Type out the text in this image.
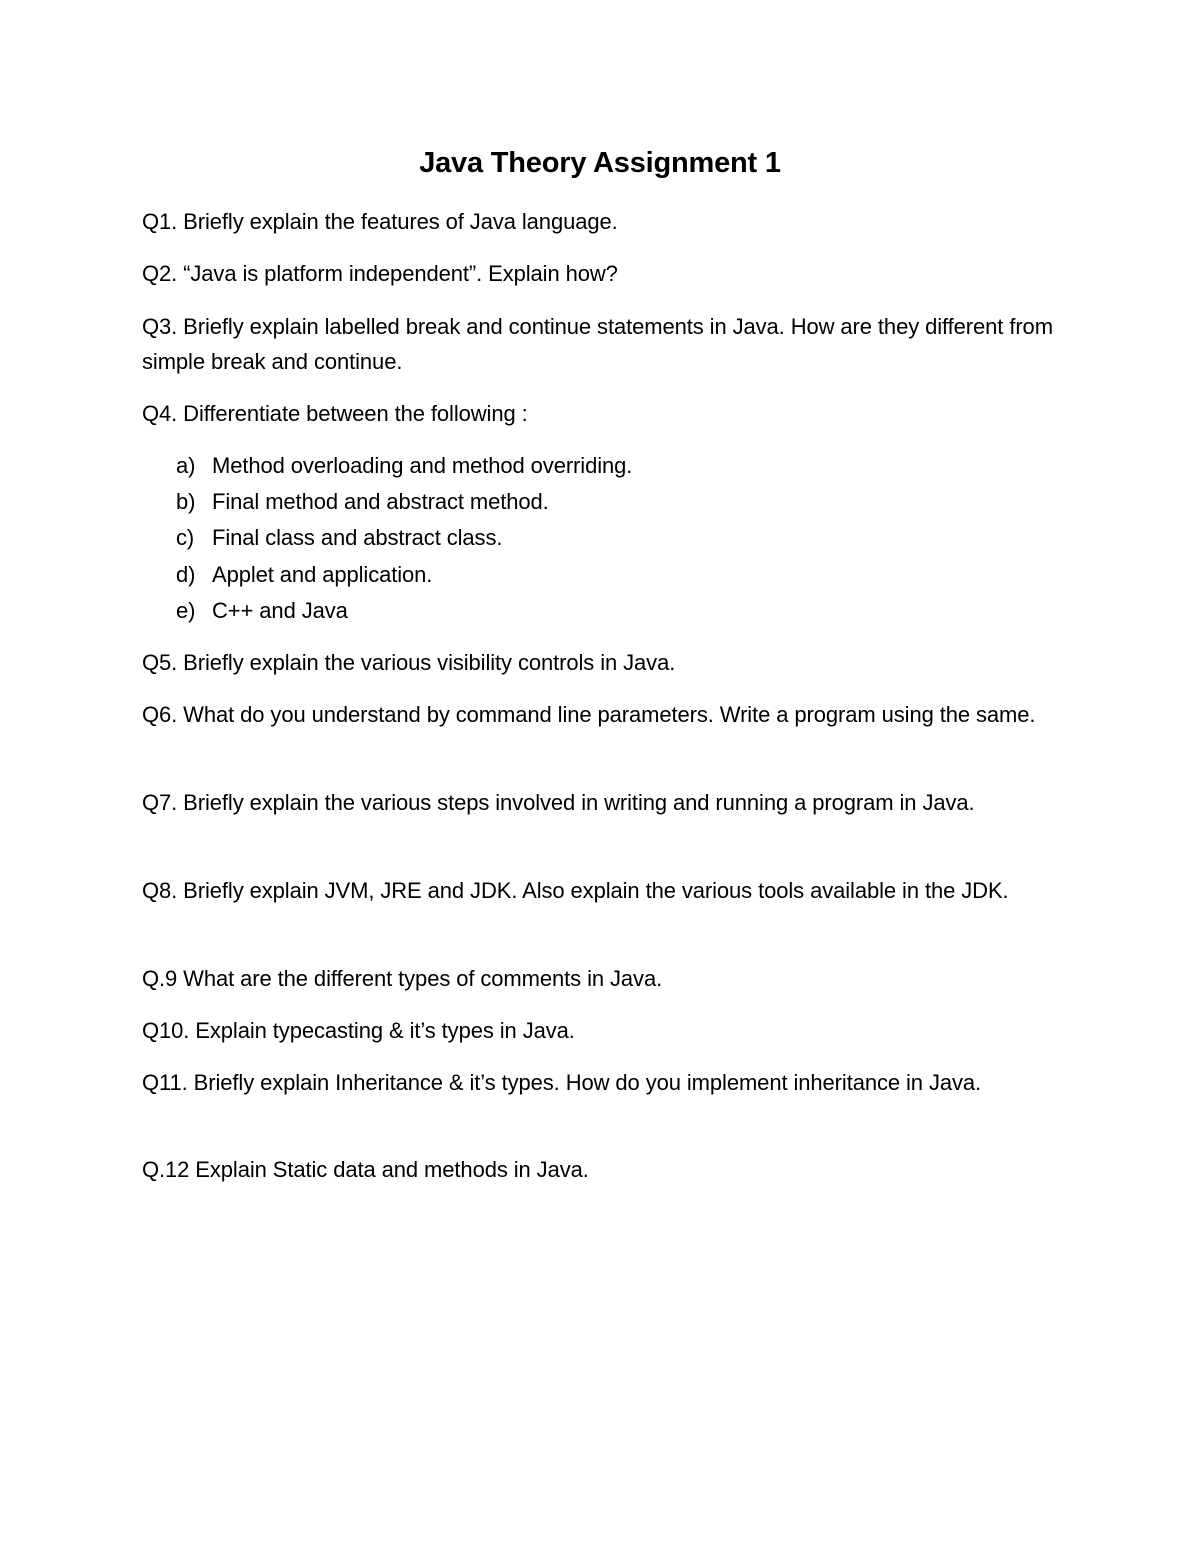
Java Theory Assignment 1
Q1. Briefly explain the features of Java language.
Q2. “Java is platform independent”. Explain how?
Q3. Briefly explain labelled break and continue statements in Java. How are they different from simple break and continue.
Q4. Differentiate between the following :
a) Method overloading and method overriding.
b) Final method and abstract method.
c) Final class and abstract class.
d) Applet and application.
e) C++ and Java
Q5. Briefly explain the various visibility controls in Java.
Q6. What do you understand by command line parameters. Write a program using the same.
Q7. Briefly explain the various steps involved in writing and running a program in Java.
Q8. Briefly explain JVM, JRE and JDK. Also explain the various tools available in the JDK.
Q.9 What are the different types of comments in Java.
Q10. Explain typecasting & it’s types in Java.
Q11. Briefly explain Inheritance & it’s types. How do you implement inheritance in Java.
Q.12 Explain Static data and methods in Java.
